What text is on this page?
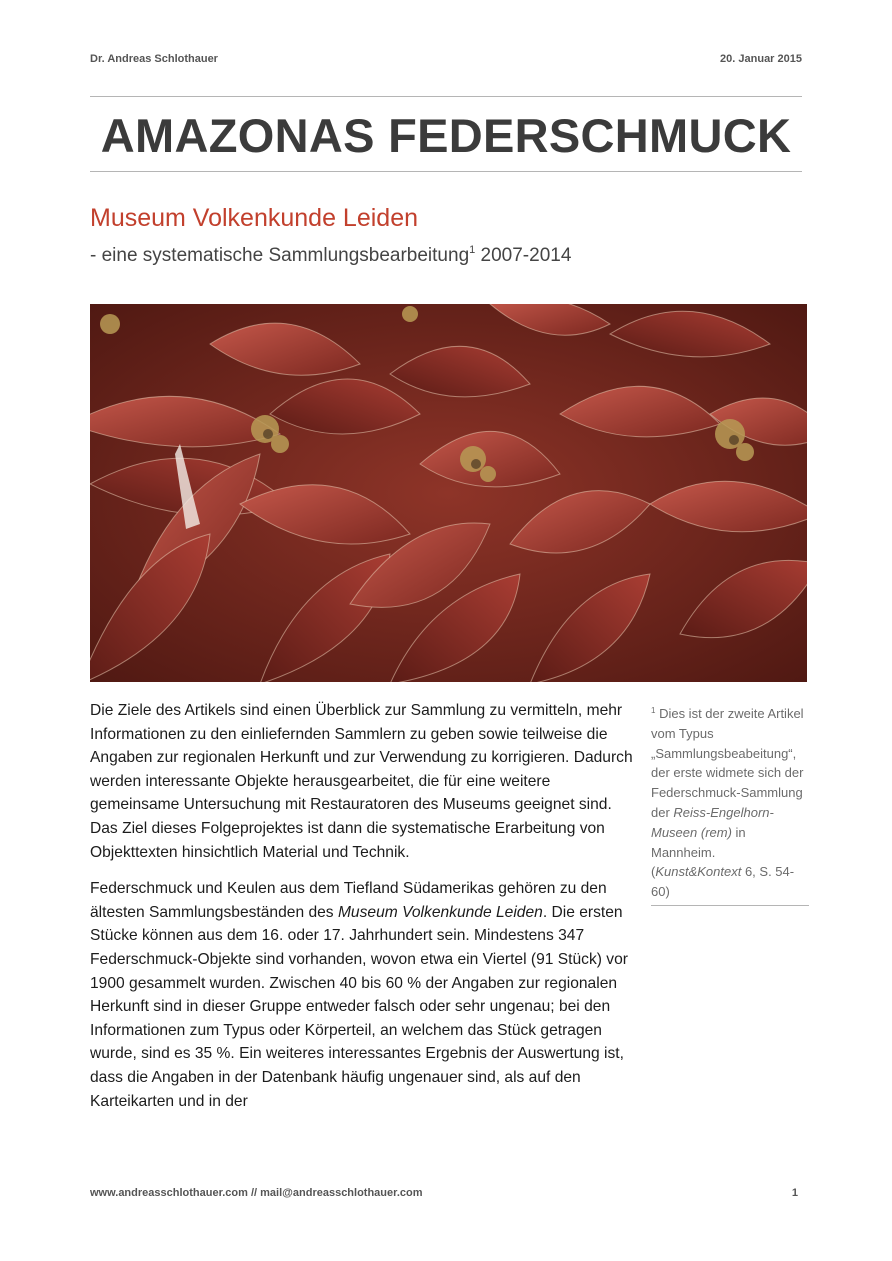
Dr. Andreas Schlothauer	20. Januar 2015
AMAZONAS FEDERSCHMUCK
Museum Volkenkunde Leiden
- eine systematische Sammlungsbearbeitung$^1$ 2007-2014

Die Ziele des Artikels sind einen Überblick zur Sammlung zu vermitteln, mehr Informationen zu den einliefernden Sammlern zu geben sowie teilweise die Angaben zur regionalen Herkunft und zur Verwendung zu korrigieren. Dadurch werden interessante Objekte herausgearbeitet, die für eine weitere gemeinsame Untersuchung mit Restauratoren des Museums geeignet sind. Das Ziel dieses Folgeprojektes ist dann die systematische Erarbeitung von Objekttexten hinsichtlich Material und Technik.

Federschmuck und Keulen aus dem Tiefland Südamerikas gehören zu den ältesten Sammlungsbeständen des Museum Volkenkunde Leiden. Die ersten Stücke können aus dem 16. oder 17. Jahrhundert sein. Mindestens 347 Federschmuck-Objekte sind vorhanden, wovon etwa ein Viertel (91 Stück) vor 1900 gesammelt wurden. Zwischen 40 bis 60 % der Angaben zur regionalen Herkunft sind in dieser Gruppe entweder falsch oder sehr ungenau; bei den Informationen zum Typus oder Körperteil, an welchem das Stück getragen wurde, sind es 35 %. Ein weiteres interessantes Ergebnis der Auswertung ist, dass die Angaben in der Datenbank häufig ungenauer sind, als auf den Karteikarten und in der

$^1$ Dies ist der zweite Artikel vom Typus „Sammlungsbeabeitung“, der erste widmete sich der Federschmuck-Sammlung der Reiss-Engelhorn-Museen (rem) in Mannheim. (Kunst&Kontext 6, S. 54-60)
www.andreasschlothauer.com // mail@andreasschlothauer.com	1
